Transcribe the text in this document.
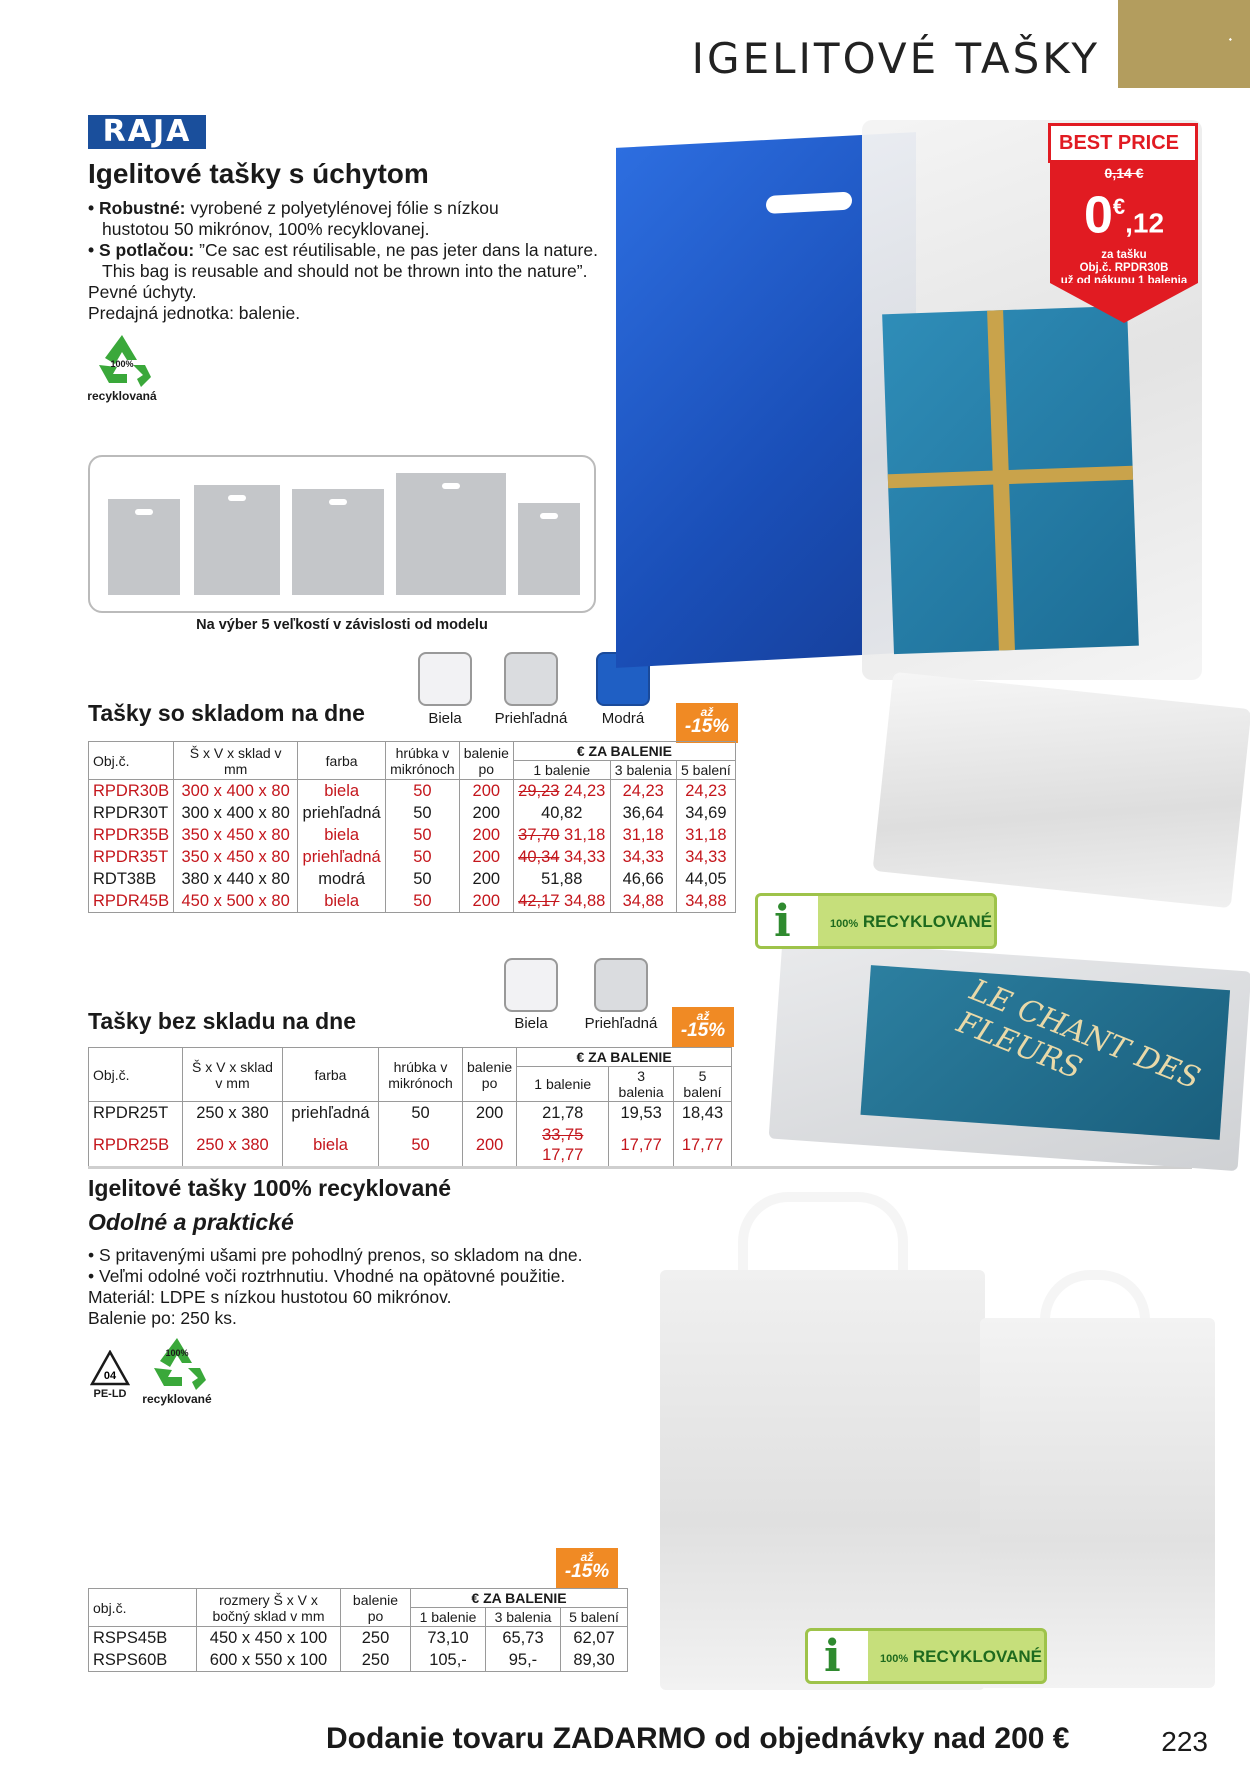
IGELITOVÉ TAŠKY	⬩
RAJA
Igelitové tašky s úchytom
• Robustné: vyrobené z polyetylénovej fólie s nízkou
hustotou 50 mikrónov, 100% recyklovanej.
• S potlačou: ”Ce sac est réutilisable, ne pas jeter dans la nature.
This bag is reusable and should not be thrown into the nature”.
Pevné úchyty.
Predajná jednotka: balenie.
100%
recyklovaná
Na výber 5 veľkostí v závislosti od modelu
Biela	Priehľadná	Modrá
Tašky so skladom na dne	až
-15%
Obj.č.	Š x V x sklad v mm	farba	hrúbka v mikrónoch	balenie po	€ ZA BALENIE		
					1 balenie	3 balenia	5 balení
RPDR30B	300 x 400 x 80	biela	50	200	29,23 24,23	24,23	24,23
RPDR30T	300 x 400 x 80	priehľadná	50	200	40,82	36,64	34,69
RPDR35B	350 x 450 x 80	biela	50	200	37,70 31,18	31,18	31,18
RPDR35T	350 x 450 x 80	priehľadná	50	200	40,34 34,33	34,33	34,33
RDT38B	380 x 440 x 80	modrá	50	200	51,88	46,66	44,05
RPDR45B	450 x 500 x 80	biela	50	200	42,17 34,88	34,88	34,88
Biela	Priehľadná
Tašky bez skladu na dne	až
-15%
Obj.č.	Š x V x sklad v mm	farba	hrúbka v mikrónoch	balenie po	€ ZA BALENIE		
					1 balenie	3 balenia	5 balení
RPDR25T	250 x 380	priehľadná	50	200	21,78	19,53	18,43
RPDR25B	250 x 380	biela	50	200	33,75 17,77	17,77	17,77
Igelitové tašky 100% recyklované
Odolné a praktické
• S pritavenými ušami pre pohodlný prenos, so skladom na dne.
• Veľmi odolné voči roztrhnutiu. Vhodné na opätovné použitie.
Materiál: LDPE s nízkou hustotou 60 mikrónov.
Balenie po: 250 ks.
04
PE-LD
100%
recyklované
až
-15%
obj.č.	rozmery Š x V x bočný sklad v mm	balenie po	€ ZA BALENIE		
			1 balenie	3 balenia	5 balení
RSPS45B	450 x 450 x 100	250	73,10	65,73	62,07
RSPS60B	600 x 550 x 100	250	105,-	95,-	89,30
LE CHANT DES FLEURS
BEST PRICE
0,14 €
0€,12
za tašku
Obj.č. RPDR30B
už od nákupu 1 balenia
i	100% RECYKLOVANÉ
i	100% RECYKLOVANÉ
Dodanie tovaru ZADARMO od objednávky nad 200 €	223
